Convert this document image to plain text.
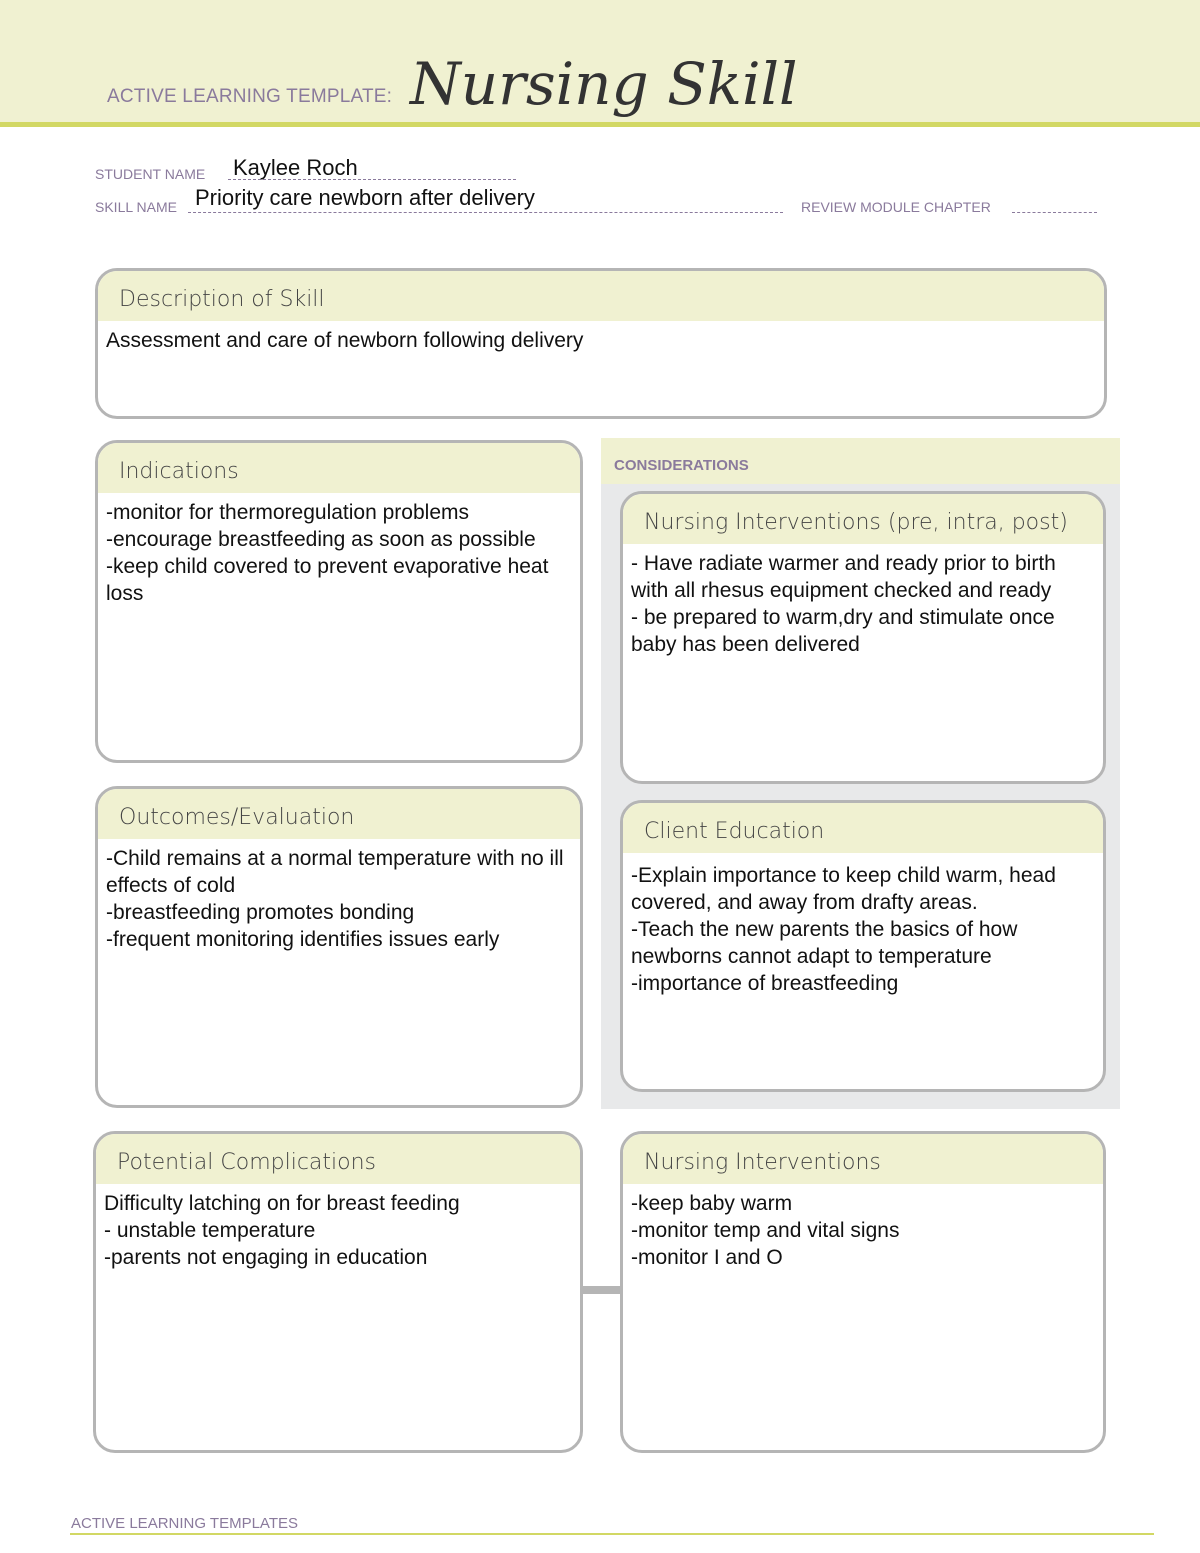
ACTIVE LEARNING TEMPLATE: Nursing Skill
STUDENT NAME Kaylee Roch
SKILL NAME Priority care newborn after delivery	REVIEW MODULE CHAPTER
Description of Skill
Assessment and care of newborn following delivery
Indications
-monitor for thermoregulation problems
-encourage breastfeeding as soon as possible
-keep child covered to prevent evaporative heat loss
CONSIDERATIONS
Nursing Interventions (pre, intra, post)
- Have radiate warmer and ready prior to birth with all rhesus equipment checked and ready
- be prepared to warm,dry and stimulate once baby has been delivered
Outcomes/Evaluation
-Child remains at a normal temperature with no ill effects of cold
-breastfeeding promotes bonding
-frequent monitoring identifies issues early
Client Education
-Explain importance to keep child warm, head covered, and away from drafty areas.
-Teach the new parents the basics of how newborns cannot adapt to temperature
-importance of breastfeeding
Potential Complications
Difficulty latching on for breast feeding
- unstable temperature
-parents not engaging in education
Nursing Interventions
-keep baby warm
-monitor temp and vital signs
-monitor I and O
ACTIVE LEARNING TEMPLATES
